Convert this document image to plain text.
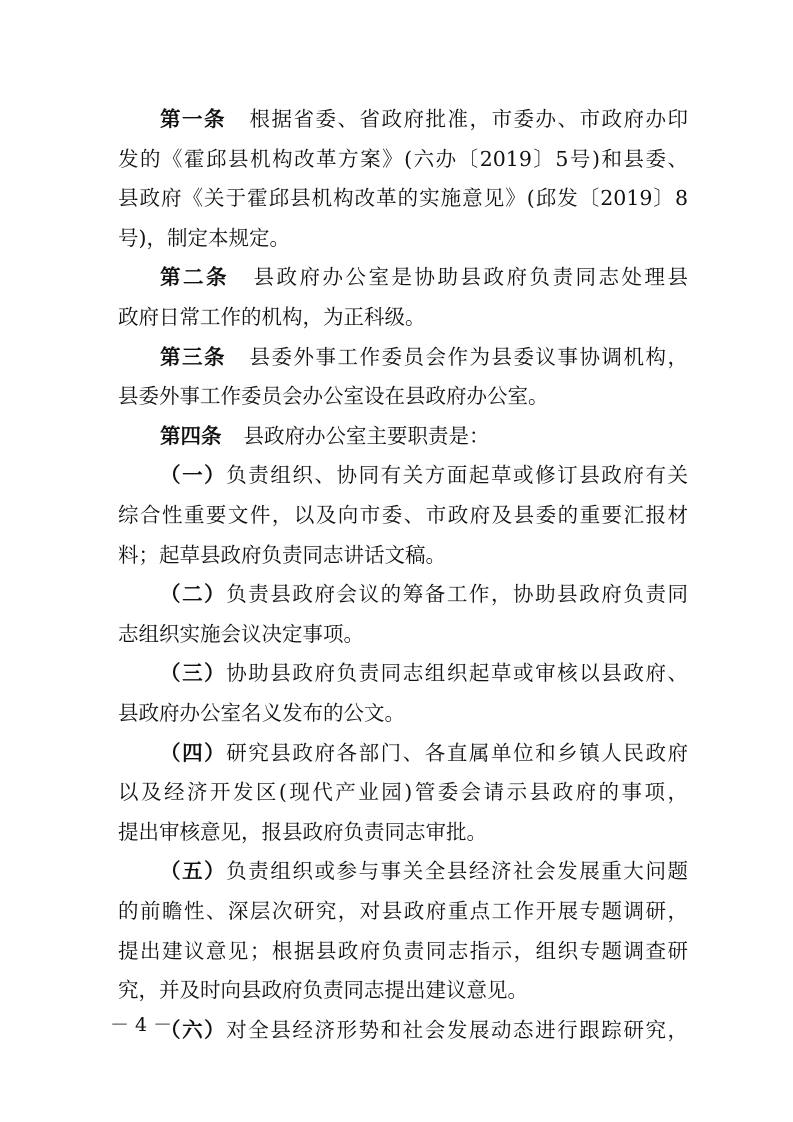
第一条 根据省委、省政府批准，市委办、市政府办印
发的《霍邱县机构改革方案》(六办〔2019〕5号)和县委、
县政府《关于霍邱县机构改革的实施意见》(邱发〔2019〕8
号)，制定本规定。
第二条 县政府办公室是协助县政府负责同志处理县
政府日常工作的机构，为正科级。
第三条 县委外事工作委员会作为县委议事协调机构，
县委外事工作委员会办公室设在县政府办公室。
第四条 县政府办公室主要职责是：
（一）负责组织、协同有关方面起草或修订县政府有关
综合性重要文件，以及向市委、市政府及县委的重要汇报材
料；起草县政府负责同志讲话文稿。
（二）负责县政府会议的筹备工作，协助县政府负责同
志组织实施会议决定事项。
（三）协助县政府负责同志组织起草或审核以县政府、
县政府办公室名义发布的公文。
（四）研究县政府各部门、各直属单位和乡镇人民政府
以及经济开发区(现代产业园)管委会请示县政府的事项，
提出审核意见，报县政府负责同志审批。
（五）负责组织或参与事关全县经济社会发展重大问题
的前瞻性、深层次研究，对县政府重点工作开展专题调研，
提出建议意见；根据县政府负责同志指示，组织专题调查研
究，并及时向县政府负责同志提出建议意见。
（六）对全县经济形势和社会发展动态进行跟踪研究，
－ 4 －
